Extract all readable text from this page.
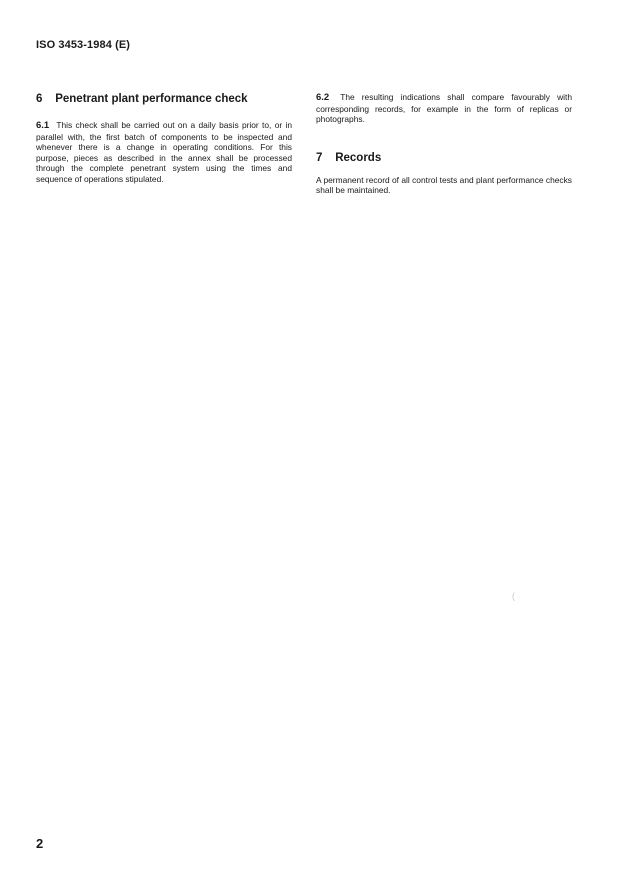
ISO 3453-1984 (E)
6 Penetrant plant performance check

6.1 This check shall be carried out on a daily basis prior to, or in parallel with, the first batch of components to be inspected and whenever there is a change in operating conditions. For this purpose, pieces as described in the annex shall be processed through the complete penetrant system using the times and sequence of operations stipulated.

6.2 The resulting indications shall compare favourably with corresponding records, for example in the form of replicas or photographs.

7 Records

A permanent record of all control tests and plant performance checks shall be maintained.

(
2
